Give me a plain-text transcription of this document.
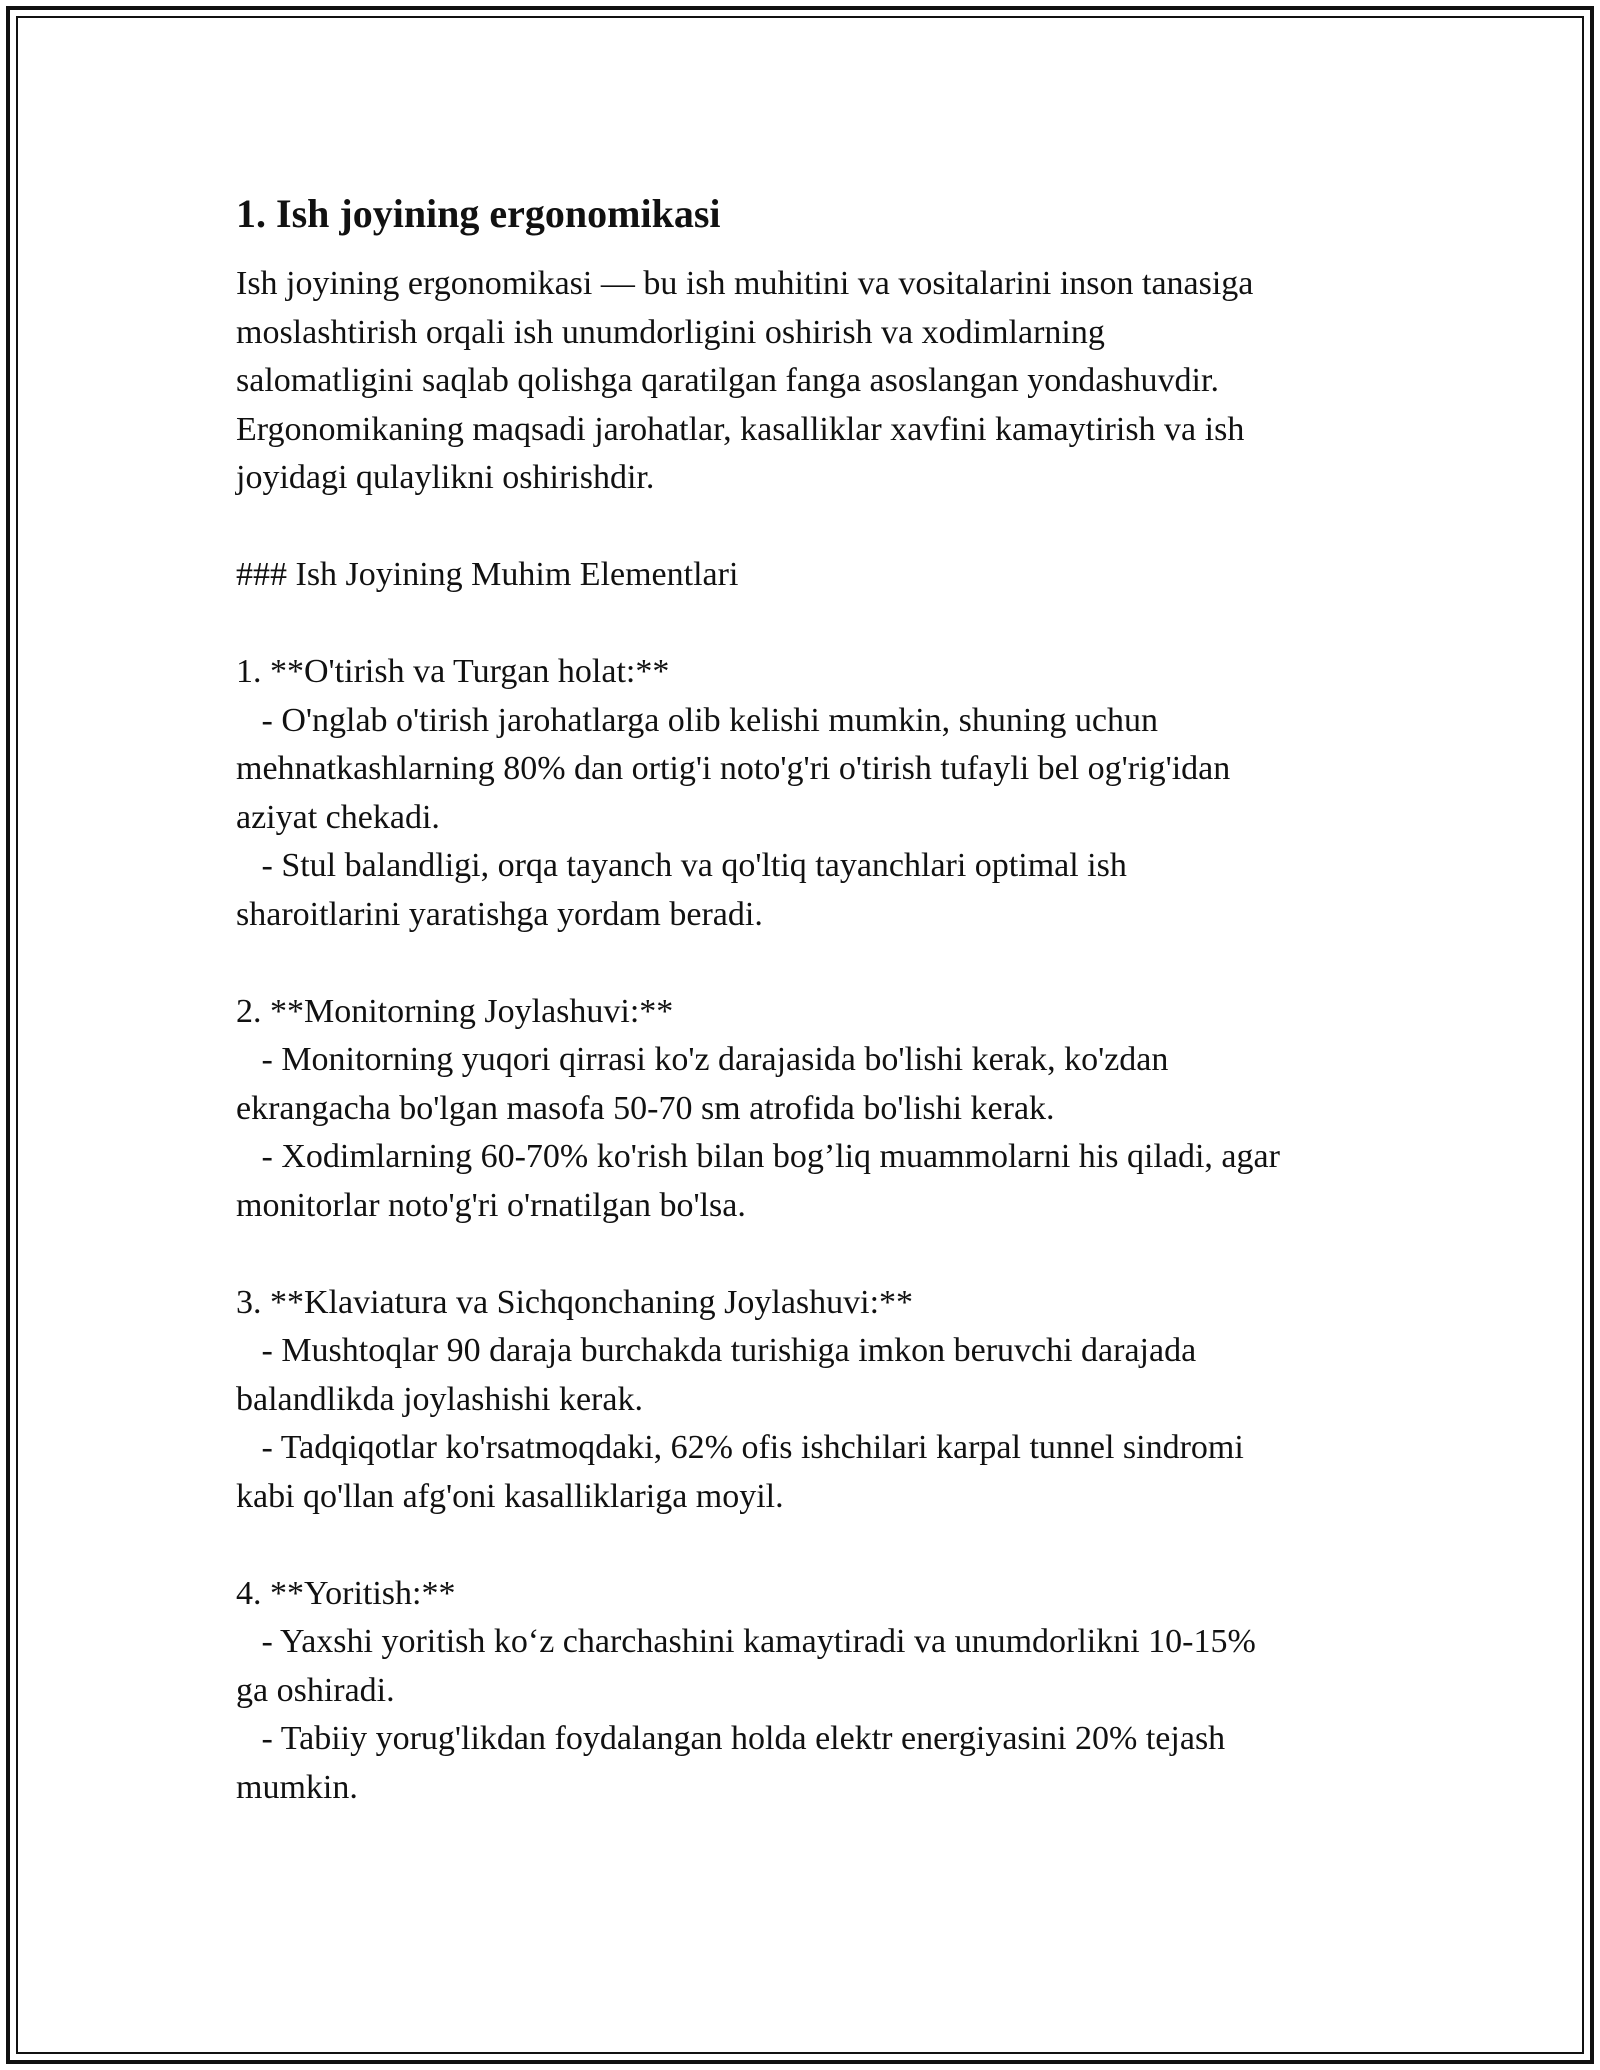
1. Ish joyining ergonomikasi

Ish joyining ergonomikasi — bu ish muhitini va vositalarini inson tanasiga

moslashtirish orqali ish unumdorligini oshirish va xodimlarning

salomatligini saqlab qolishga qaratilgan fanga asoslangan yondashuvdir.

Ergonomikaning maqsadi jarohatlar, kasalliklar xavfini kamaytirish va ish

joyidagi qulaylikni oshirishdir.

### Ish Joyining Muhim Elementlari

1. **O'tirish va Turgan holat:**

- O'nglab o'tirish jarohatlarga olib kelishi mumkin, shuning uchun

mehnatkashlarning 80% dan ortig'i noto'g'ri o'tirish tufayli bel og'rig'idan

aziyat chekadi.

- Stul balandligi, orqa tayanch va qo'ltiq tayanchlari optimal ish

sharoitlarini yaratishga yordam beradi.

2. **Monitorning Joylashuvi:**

- Monitorning yuqori qirrasi ko'z darajasida bo'lishi kerak, ko'zdan

ekrangacha bo'lgan masofa 50-70 sm atrofida bo'lishi kerak.

- Xodimlarning 60-70% ko'rish bilan bog’liq muammolarni his qiladi, agar

monitorlar noto'g'ri o'rnatilgan bo'lsa.

3. **Klaviatura va Sichqonchaning Joylashuvi:**

- Mushtoqlar 90 daraja burchakda turishiga imkon beruvchi darajada

balandlikda joylashishi kerak.

- Tadqiqotlar ko'rsatmoqdaki, 62% ofis ishchilari karpal tunnel sindromi

kabi qo'llan afg'oni kasalliklariga moyil.

4. **Yoritish:**

- Yaxshi yoritish ko‘z charchashini kamaytiradi va unumdorlikni 10-15%

ga oshiradi.

- Tabiiy yorug'likdan foydalangan holda elektr energiyasini 20% tejash

mumkin.
